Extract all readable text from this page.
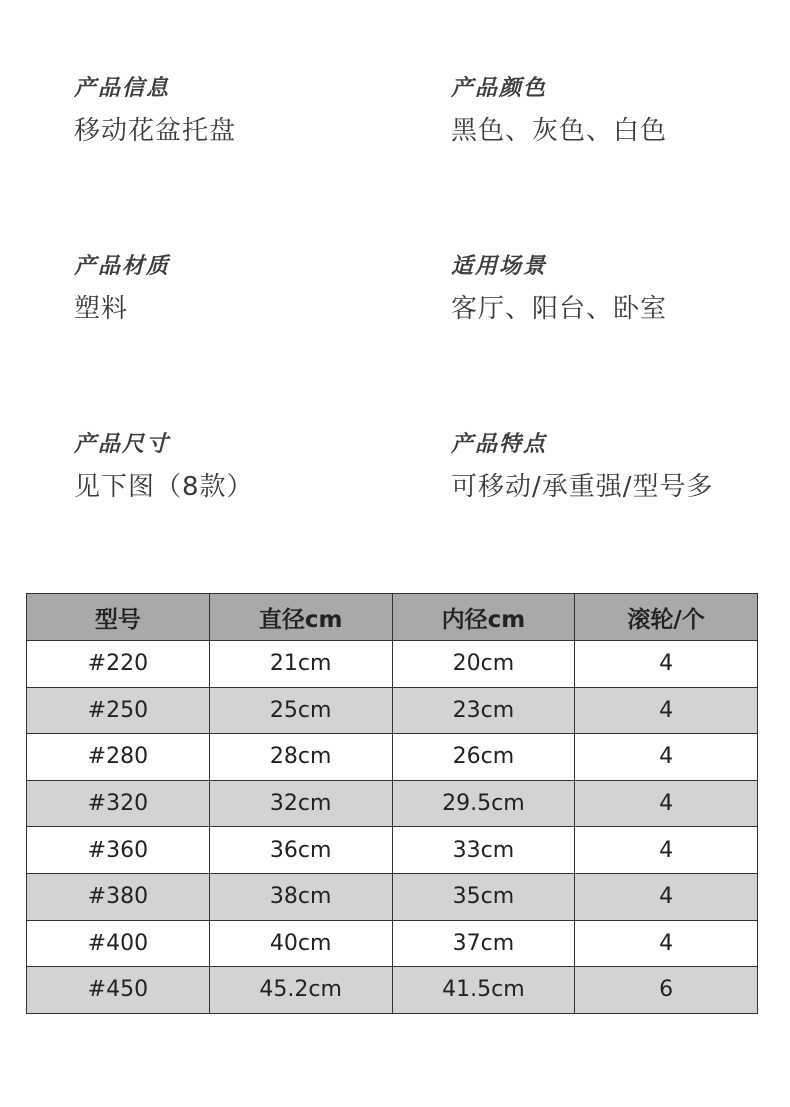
产品信息
移动花盆托盘
产品颜色
黑色、灰色、白色
产品材质
塑料
适用场景
客厅、阳台、卧室
产品尺寸
见下图（8款）
产品特点
可移动/承重强/型号多
型号	直径cm	内径cm	滚轮/个
#220	21cm	20cm	4
#250	25cm	23cm	4
#280	28cm	26cm	4
#320	32cm	29.5cm	4
#360	36cm	33cm	4
#380	38cm	35cm	4
#400	40cm	37cm	4
#450	45.2cm	41.5cm	6
